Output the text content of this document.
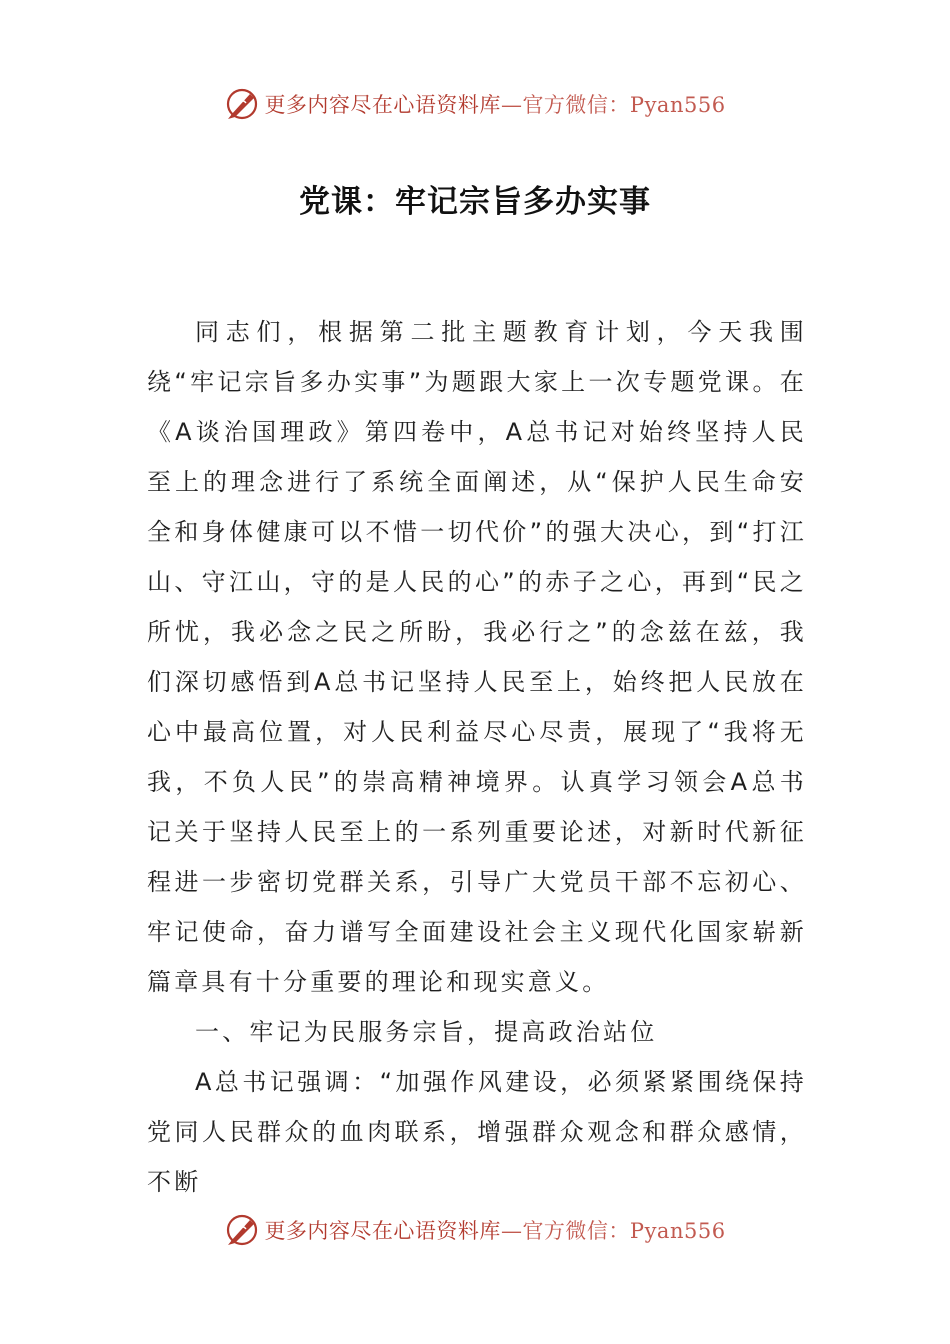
更多内容尽在心语资料库—官方微信：Pyan556
党课：牢记宗旨多办实事

同志们，根据第二批主题教育计划，今天我围绕“牢记宗旨多办实事”为题跟大家上一次专题党课。在《A谈治国理政》第四卷中，A总书记对始终坚持人民至上的理念进行了系统全面阐述，从“保护人民生命安全和身体健康可以不惜一切代价”的强大决心，到“打江山、守江山，守的是人民的心”的赤子之心，再到“民之所忧，我必念之民之所盼，我必行之”的念兹在兹，我们深切感悟到A总书记坚持人民至上，始终把人民放在心中最高位置，对人民利益尽心尽责，展现了“我将无我，不负人民”的崇高精神境界。认真学习领会A总书记关于坚持人民至上的一系列重要论述，对新时代新征程进一步密切党群关系，引导广大党员干部不忘初心、牢记使命，奋力谱写全面建设社会主义现代化国家崭新篇章具有十分重要的理论和现实意义。

一、牢记为民服务宗旨，提高政治站位

A总书记强调：“加强作风建设，必须紧紧围绕保持党同人民群众的血肉联系，增强群众观念和群众感情，不断

更多内容尽在心语资料库—官方微信：Pyan556
